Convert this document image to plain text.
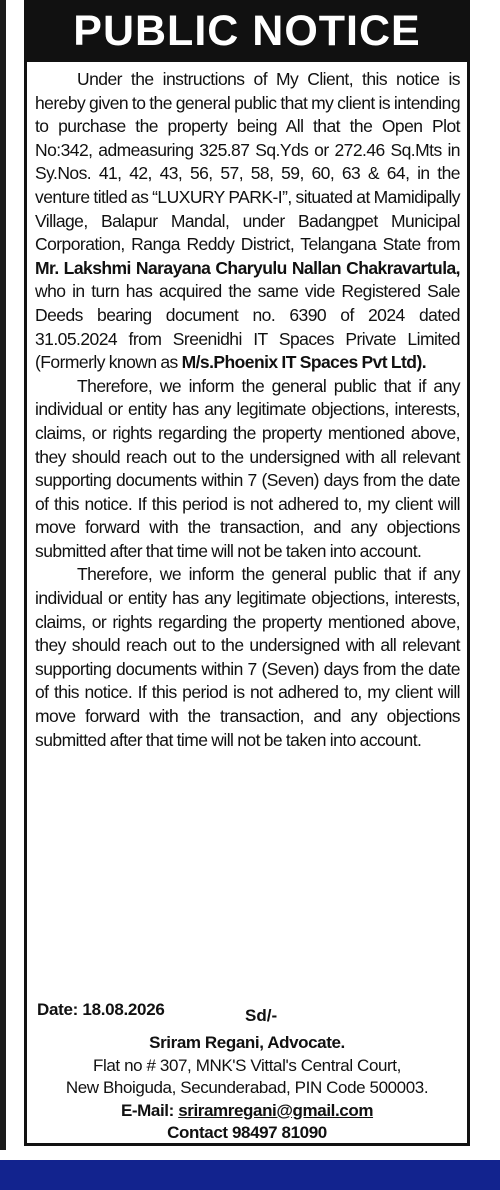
PUBLIC NOTICE

Under the instructions of My Client, this notice is hereby given to the general public that my client is intending to purchase the property being All that the Open Plot No:342, admeasuring 325.87 Sq.Yds or 272.46 Sq.Mts in Sy.Nos. 41, 42, 43, 56, 57, 58, 59, 60, 63 & 64, in the venture titled as “LUXURY PARK-I”, situated at Mamidipally Village, Balapur Mandal, under Badangpet Municipal Corporation, Ranga Reddy District, Telangana State from Mr. Lakshmi Narayana Charyulu Nallan Chakravartula, who in turn has acquired the same vide Registered Sale Deeds bearing document no. 6390 of 2024 dated 31.05.2024 from Sreenidhi IT Spaces Private Limited (Formerly known as M/s.Phoenix IT Spaces Pvt Ltd).

Therefore, we inform the general public that if any individual or entity has any legitimate objections, interests, claims, or rights regarding the property mentioned above, they should reach out to the undersigned with all relevant supporting documents within 7 (Seven) days from the date of this notice. If this period is not adhered to, my client will move forward with the transaction, and any objections submitted after that time will not be taken into account.

Therefore, we inform the general public that if any individual or entity has any legitimate objections, interests, claims, or rights regarding the property mentioned above, they should reach out to the undersigned with all relevant supporting documents within 7 (Seven) days from the date of this notice. If this period is not adhered to, my client will move forward with the transaction, and any objections submitted after that time will not be taken into account.

Date: 18.08.2026	Sd/-
Sriram Regani, Advocate.
Flat no # 307, MNK'S Vittal's Central Court,
New Bhoiguda, Secunderabad, PIN Code 500003.
E-Mail: sriramregani@gmail.com
Contact 98497 81090
